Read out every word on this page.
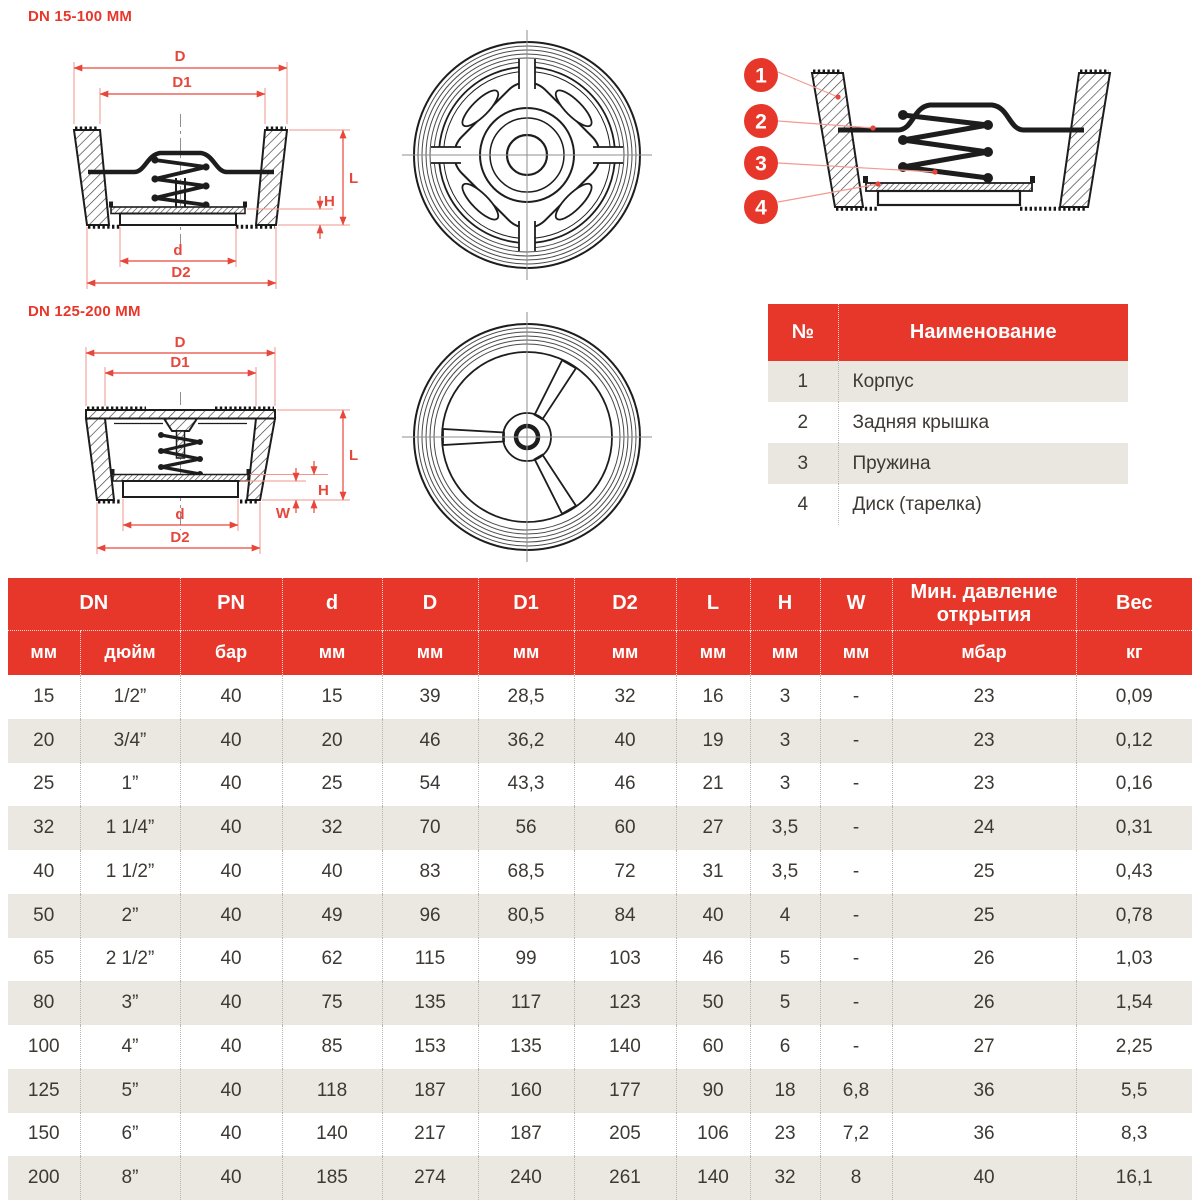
DN 15-100 ММ
DN 125-200 ММ
D
D1
L
H
d
D2
1
2
3
4
№	Наименование
1	Корпус
2	Задняя крышка
3	Пружина
4	Диск (тарелка)
D
D1
L
H
W
d
D2
DN		PN	d	D	D1	D2	L	H	W	Мин. давление открытия	Вес
мм	дюйм	бар	мм	мм	мм	мм	мм	мм	мм	мбар	кг
15	1/2”	40	15	39	28,5	32	16	3	-	23	0,09
20	3/4”	40	20	46	36,2	40	19	3	-	23	0,12
25	1”	40	25	54	43,3	46	21	3	-	23	0,16
32	1 1/4”	40	32	70	56	60	27	3,5	-	24	0,31
40	1 1/2”	40	40	83	68,5	72	31	3,5	-	25	0,43
50	2”	40	49	96	80,5	84	40	4	-	25	0,78
65	2 1/2”	40	62	115	99	103	46	5	-	26	1,03
80	3”	40	75	135	117	123	50	5	-	26	1,54
100	4”	40	85	153	135	140	60	6	-	27	2,25
125	5”	40	118	187	160	177	90	18	6,8	36	5,5
150	6”	40	140	217	187	205	106	23	7,2	36	8,3
200	8”	40	185	274	240	261	140	32	8	40	16,1
